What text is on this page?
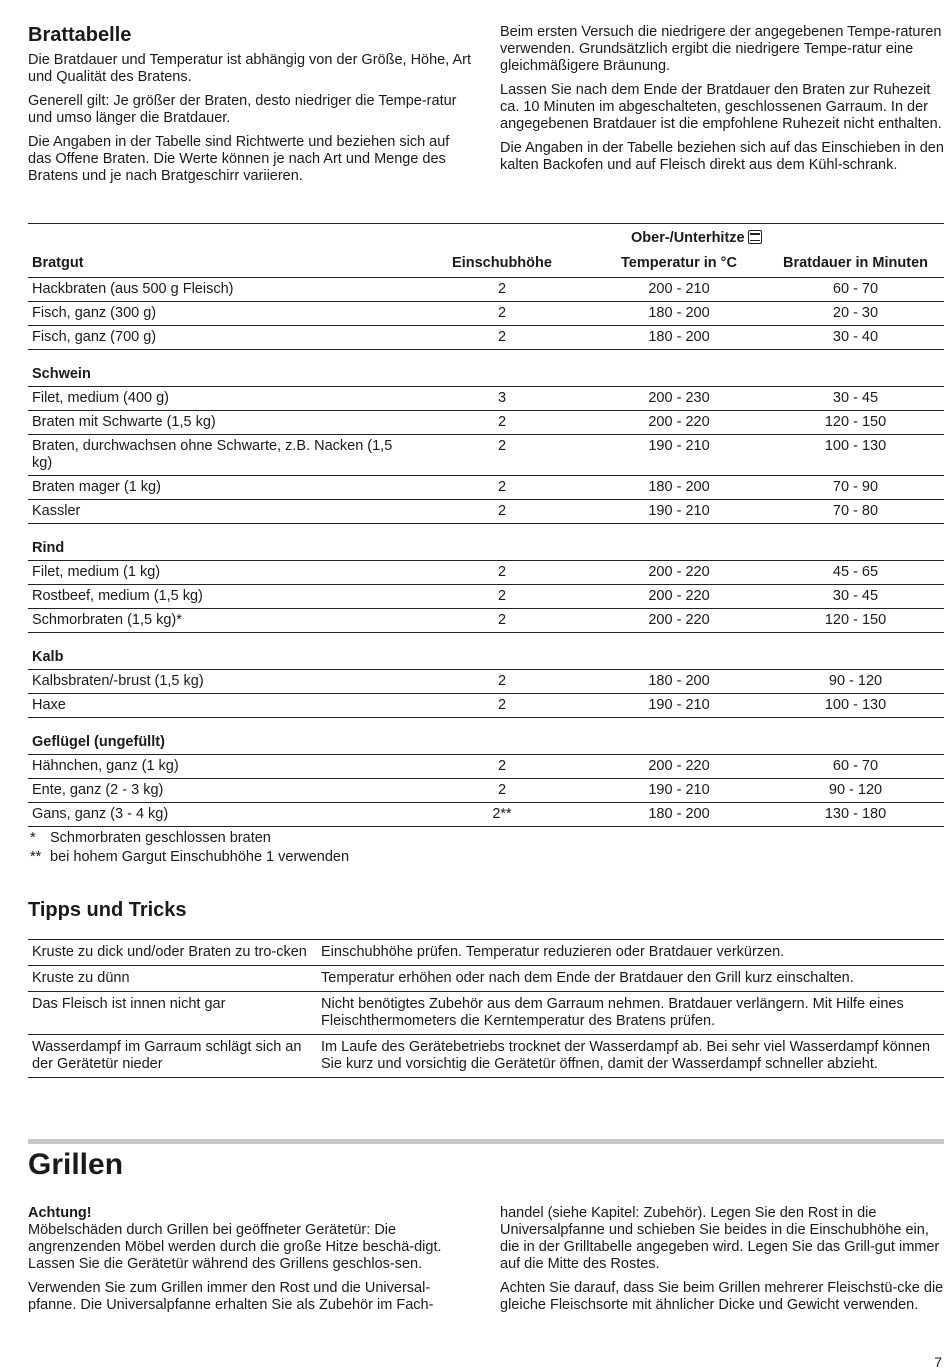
Brattabelle

Die Bratdauer und Temperatur ist abhängig von der Größe, Höhe, Art und Qualität des Bratens.

Generell gilt: Je größer der Braten, desto niedriger die Tempe-ratur und umso länger die Bratdauer.

Die Angaben in der Tabelle sind Richtwerte und beziehen sich auf das Offene Braten. Die Werte können je nach Art und Menge des Bratens und je nach Bratgeschirr variieren.

Beim ersten Versuch die niedrigere der angegebenen Tempe-raturen verwenden. Grundsätzlich ergibt die niedrigere Tempe-ratur eine gleichmäßigere Bräunung.

Lassen Sie nach dem Ende der Bratdauer den Braten zur Ruhezeit ca. 10 Minuten im abgeschalteten, geschlossenen Garraum. In der angegebenen Bratdauer ist die empfohlene Ruhezeit nicht enthalten.

Die Angaben in der Tabelle beziehen sich auf das Einschieben in den kalten Backofen und auf Fleisch direkt aus dem Kühl-schrank.

		Ober-/Unterhitze	
Bratgut	Einschubhöhe	Temperatur in °C	Bratdauer in Minuten
Hackbraten (aus 500 g Fleisch)	2	200 - 210	60 - 70
Fisch, ganz (300 g)	2	180 - 200	20 - 30
Fisch, ganz (700 g)	2	180 - 200	30 - 40
Schwein			
Filet, medium (400 g)	3	200 - 230	30 - 45
Braten mit Schwarte (1,5 kg)	2	200 - 220	120 - 150
Braten, durchwachsen ohne Schwarte, z.B. Nacken (1,5 kg)	2	190 - 210	100 - 130
Braten mager (1 kg)	2	180 - 200	70 - 90
Kassler	2	190 - 210	70 - 80
Rind			
Filet, medium (1 kg)	2	200 - 220	45 - 65
Rostbeef, medium (1,5 kg)	2	200 - 220	30 - 45
Schmorbraten (1,5 kg)*	2	200 - 220	120 - 150
Kalb			
Kalbsbraten/-brust (1,5 kg)	2	180 - 200	90 - 120
Haxe	2	190 - 210	100 - 130
Geflügel (ungefüllt)			
Hähnchen, ganz (1 kg)	2	200 - 220	60 - 70
Ente, ganz (2 - 3 kg)	2	190 - 210	90 - 120
Gans, ganz (3 - 4 kg)	2**	180 - 200	130 - 180
* Schmorbraten geschlossen braten
** bei hohem Gargut Einschubhöhe 1 verwenden
Tipps und Tricks
Kruste zu dick und/oder Braten zu tro-cken	Einschubhöhe prüfen. Temperatur reduzieren oder Bratdauer verkürzen.
Kruste zu dünn	Temperatur erhöhen oder nach dem Ende der Bratdauer den Grill kurz einschalten.
Das Fleisch ist innen nicht gar	Nicht benötigtes Zubehör aus dem Garraum nehmen. Bratdauer verlängern. Mit Hilfe eines Fleischthermometers die Kerntemperatur des Bratens prüfen.
Wasserdampf im Garraum schlägt sich an der Gerätetür nieder	Im Laufe des Gerätebetriebs trocknet der Wasserdampf ab. Bei sehr viel Wasserdampf können Sie kurz und vorsichtig die Gerätetür öffnen, damit der Wasserdampf schneller abzieht.
Grillen
Achtung!

Möbelschäden durch Grillen bei geöffneter Gerätetür: Die angrenzenden Möbel werden durch die große Hitze beschä-digt. Lassen Sie die Gerätetür während des Grillens geschlos-sen.

Verwenden Sie zum Grillen immer den Rost und die Universal-pfanne. Die Universalpfanne erhalten Sie als Zubehör im Fach-

handel (siehe Kapitel: Zubehör). Legen Sie den Rost in die Universalpfanne und schieben Sie beides in die Einschubhöhe ein, die in der Grilltabelle angegeben wird. Legen Sie das Grill-gut immer auf die Mitte des Rostes.

Achten Sie darauf, dass Sie beim Grillen mehrerer Fleischstü-cke die gleiche Fleischsorte mit ähnlicher Dicke und Gewicht verwenden.

7
